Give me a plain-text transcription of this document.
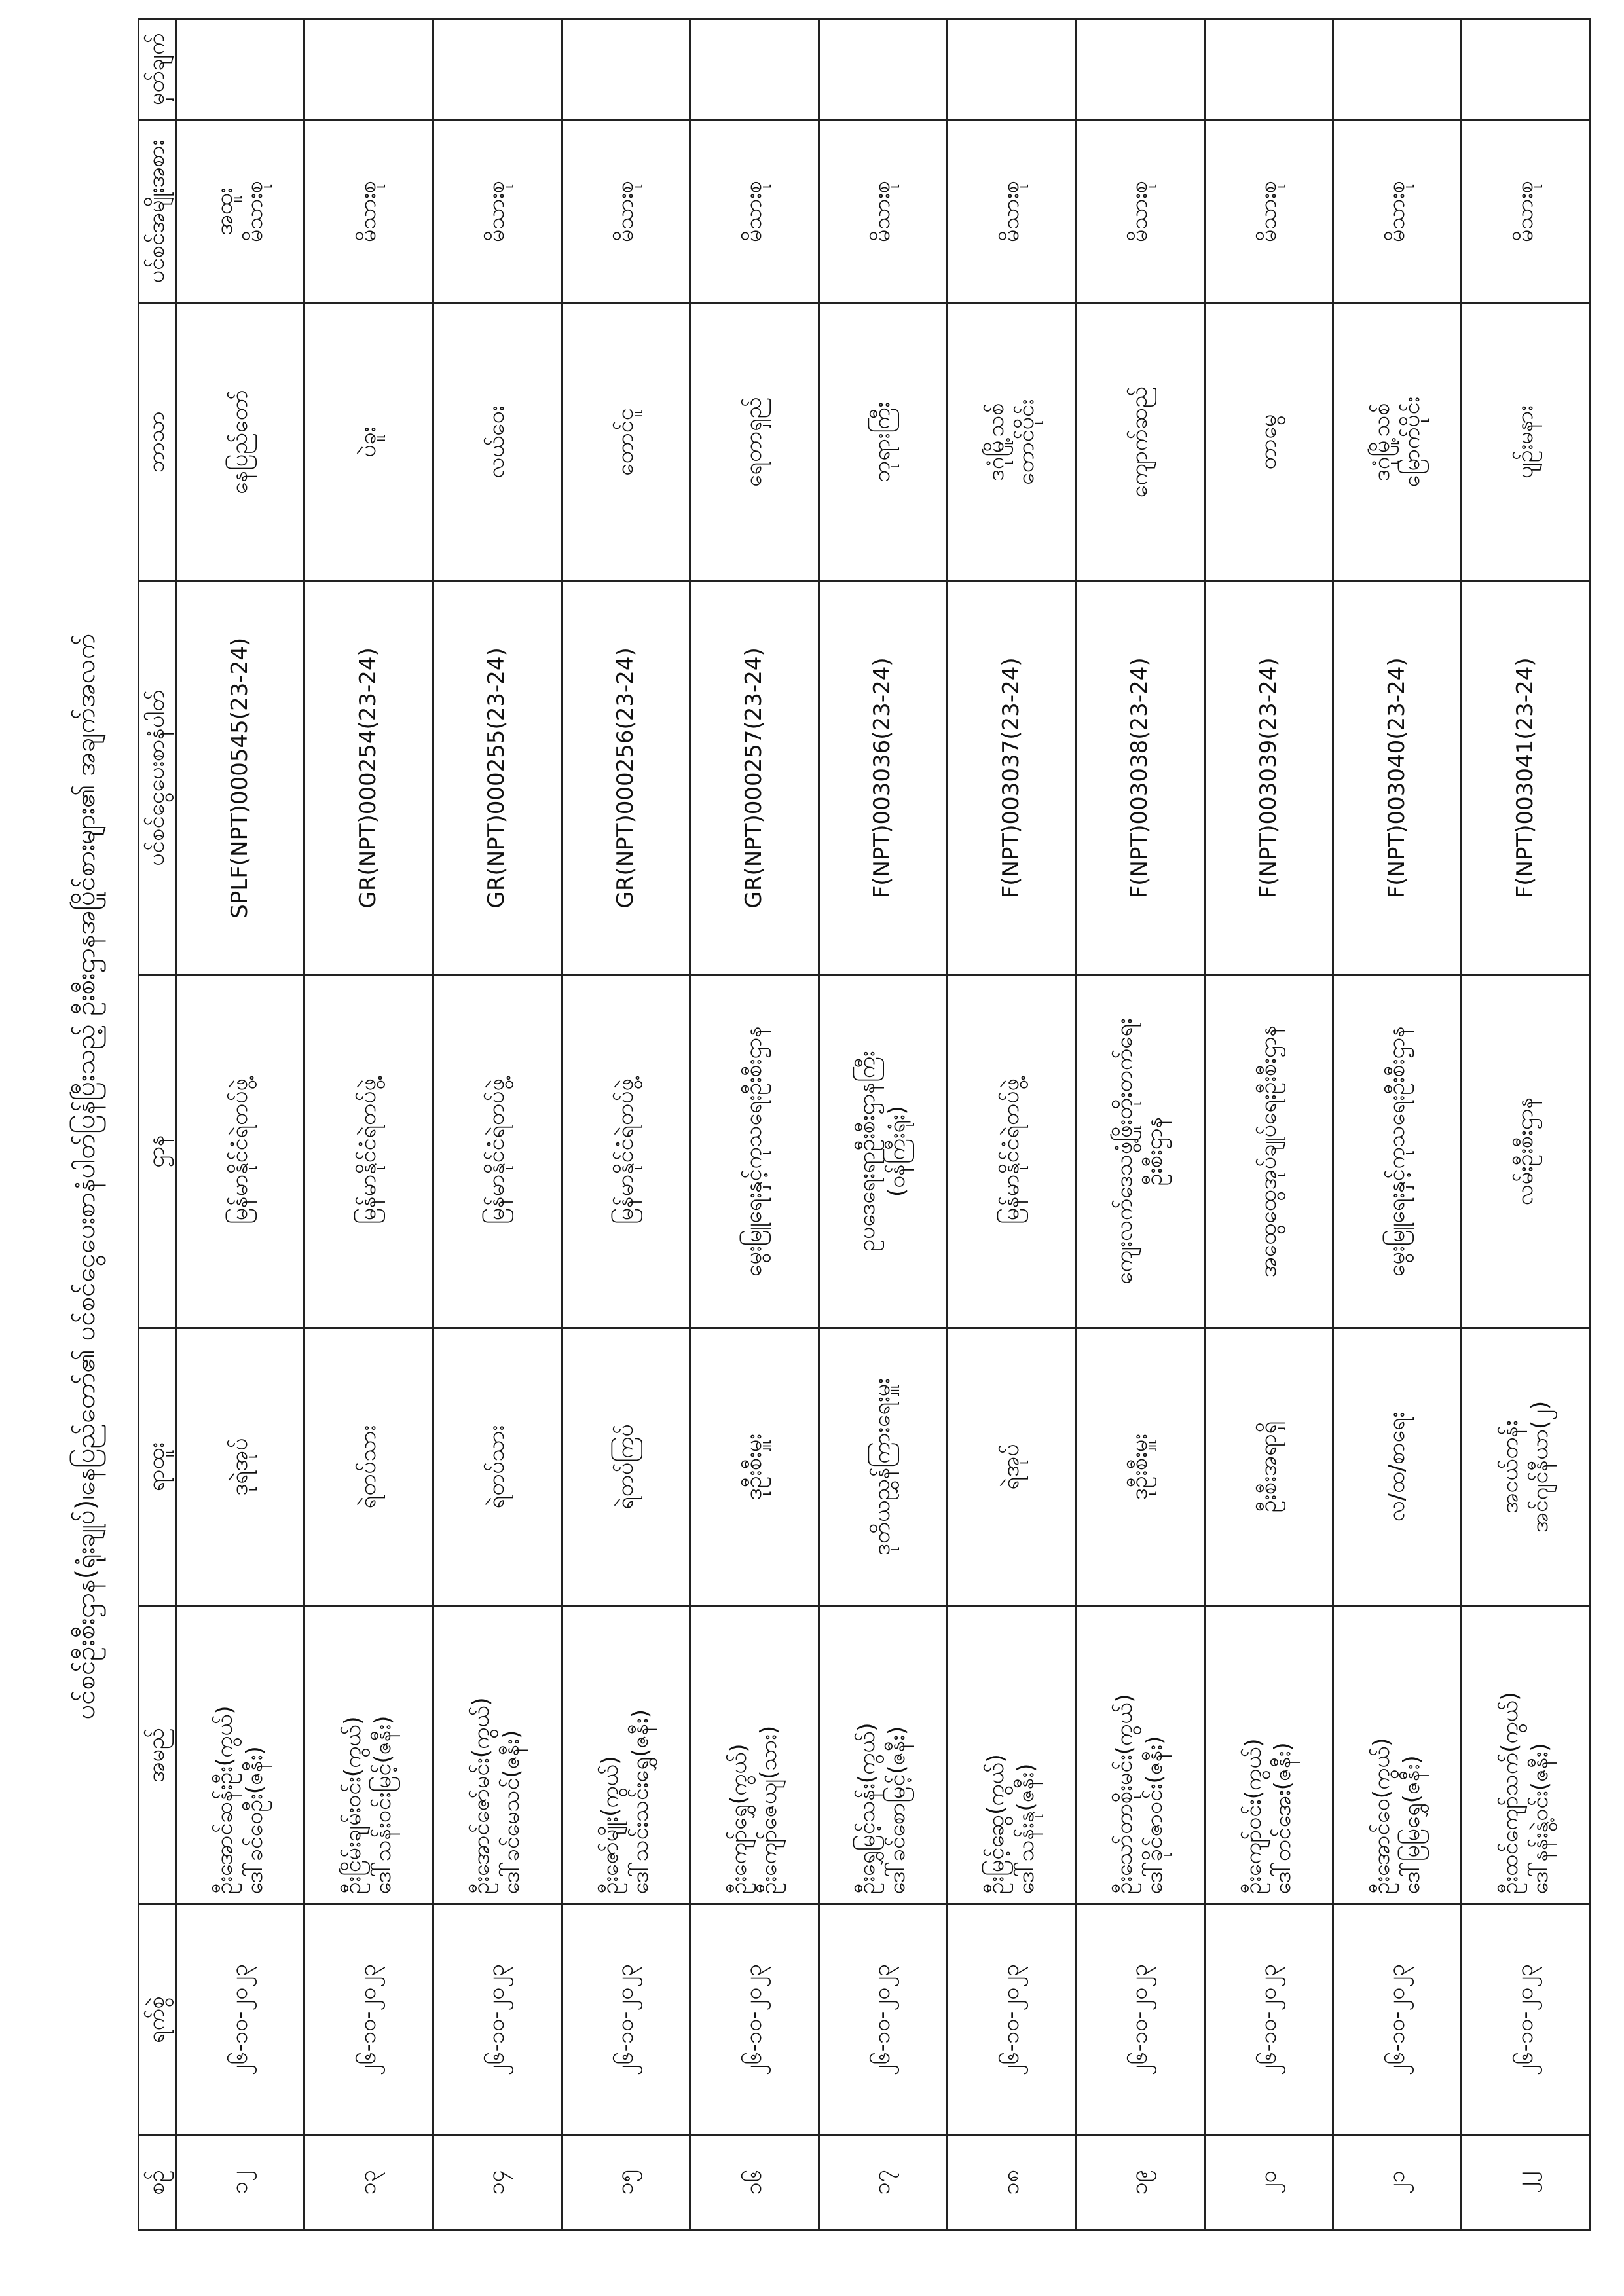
ပင်စင်ဦးစီးဌာန(ရုံးချုပ်)၊နေပြည်တော်၏ ပင်စင်ငွေပေးစာနံပါတ်ပြန်ပြီးသည့် ဦးစီးဌာနအပြိုင်စားများ၏ အချက်အလက်
စဉ်	ရက်စွဲ	အမည်	ရာထူး	ဌာန	ပင်စင်ငွေပေးစာနံပါတ်	ဘာသာ	ပင်စင်အမျိုးအစား	မှတ်ချက်
၁၂	၂၆-၁၀-၂၀၂၃	ဦးအောင်ဆန်းဦး(ကွယ်)
ဒေါ်ခင်ဝေဦး(ဇနီး)	ဒုရဲအုပ်	မြန်မာနိုင်ငံရဲတပ်ဖွဲ့	SPLF(NPT)000545(23-24)	နေပြည်တော်	အထူး
မိသားစု	
၁၃	၂၆-၁၀-၂၀၂၃	ဦးငြိမ်းချမ်းဝင်း(ကွယ်)
ဒေါ်သန်းဝင်းမြင့်(ဇနီး)	ရဲတပ်သား	မြန်မာနိုင်ငံရဲတပ်ဖွဲ့	GR(NPT)000254(23-24)	ပဲခူး	မိသားစု	
၁၄	၂၆-၁၀-၂၀၂၃	ဦးအောင်ဇော်မင်း(ကွယ်)
ဒေါ်ခင်မေသင်(ဇနီး)	ရဲတပ်သား	မြန်မာနိုင်ငံရဲတပ်ဖွဲ့	GR(NPT)000255(23-24)	လယ်ဝေး	မိသားစု	
၁၅	၂၆-၁၀-၂၀၂၃	ဦးဇော်မျိုး(ကွယ်)
ဒေါ်သင်းသင်းရွှေ(ဇနီး)	ရဲတပ်ကြပ်	မြန်မာနိုင်ငံရဲတပ်ဖွဲ့	GR(NPT)000256(23-24)	တောင်ငူ	မိသားစု	
၁၆	၂၆-၁၀-၂၀၂၃	ဦးကျော်ရွှေ(ကွယ်)
ဦးကျော်ဇေယျ(သား)	ဒုဦးစီးမှူး	မွေးမြူရေးနှင့်ကုသရေးဦးစီးဌာန	GR(NPT)000257(23-24)	ရေတာရှည်	မိသားစု	
၁၇	၂၆-၁၀-၂၀၂၃	ဦးရွှေမြင့်သန်း(ကွယ်)
ဒေါ်ခင်စောမြင့်(ဇနီး)	ဒုတိယညွှန်ကြားရေးမှူး	ဥပဒေရေးရာဦးစီးဌာနကြီး
(ဝန်ကြီးရုံး)	F(NPT)003036(23-24)	ဘုရားကြီး	မိသားစု	
၁၈	၂၆-၁၀-၂၀၂၃	ဦးမြင့်ဆွေ(ကွယ်)
ဒေါ်သန်းနု(ဇနီး)	ရဲအုပ်	မြန်မာနိုင်ငံရဲတပ်ဖွဲ့	F(NPT)003037(23-24)	ဒဂုံမြို့သစ်
တောင်ပိုင်း	မိသားစု	
၁၉	၂၆-၁၀-၂၀၂၃	ဦးသော်တာစိုးမင်း(ကွယ်)
ဒေါ်ခိုင်ဇာဝင်း(ဇနီး)	ဒုဦးစီးမှူး	ကျေးလက်ဒေသဖွံ့ဖြိုးတိုးတက်ရေး
ဦးစီးဌာန	F(NPT)003038(23-24)	ကျောက်ဆည်	မိသားစု	
၂၀	၂၆-၁၀-၂၀၂၃	ဦးကျော်ဝင်း(ကွယ်)
ဒေါ်တင်အေး(ဇနီး)	ဦးစီးအရာရှိ	အထွေထွေအုပ်ချုပ်ရေးဦးစီးဌာန	F(NPT)003039(23-24)	တာမွေ	မိသားစု	
၂၁	၂၆-၁၀-၂၀၂၃	ဦးအောင်ဝေ(ကွယ်)
ဒေါ်မြမြရွှေ(ဇနီး)	လ/ထ/စာရေး	မွေးမြူရေးနှင့်ကုသရေးဦးစီးဌာန	F(NPT)003040(23-24)	ဒဂုံမြို့သစ်
မြောက်ပိုင်း	မိသားစု	
၂၂	၂၆-၁၀-၂၀၂၃	ဦးထင်ကျော်သက်(ကွယ်)
ဒေါ်နန်းနွဲ့ဝင်း(ဇနီး)	အငယ်တန်း
အင်ဂျင်နီယာ(၂)	လမ်းဦးစီးဌာန	F(NPT)003041(23-24)	ပျဉ်းမနား	မိသားစု	
